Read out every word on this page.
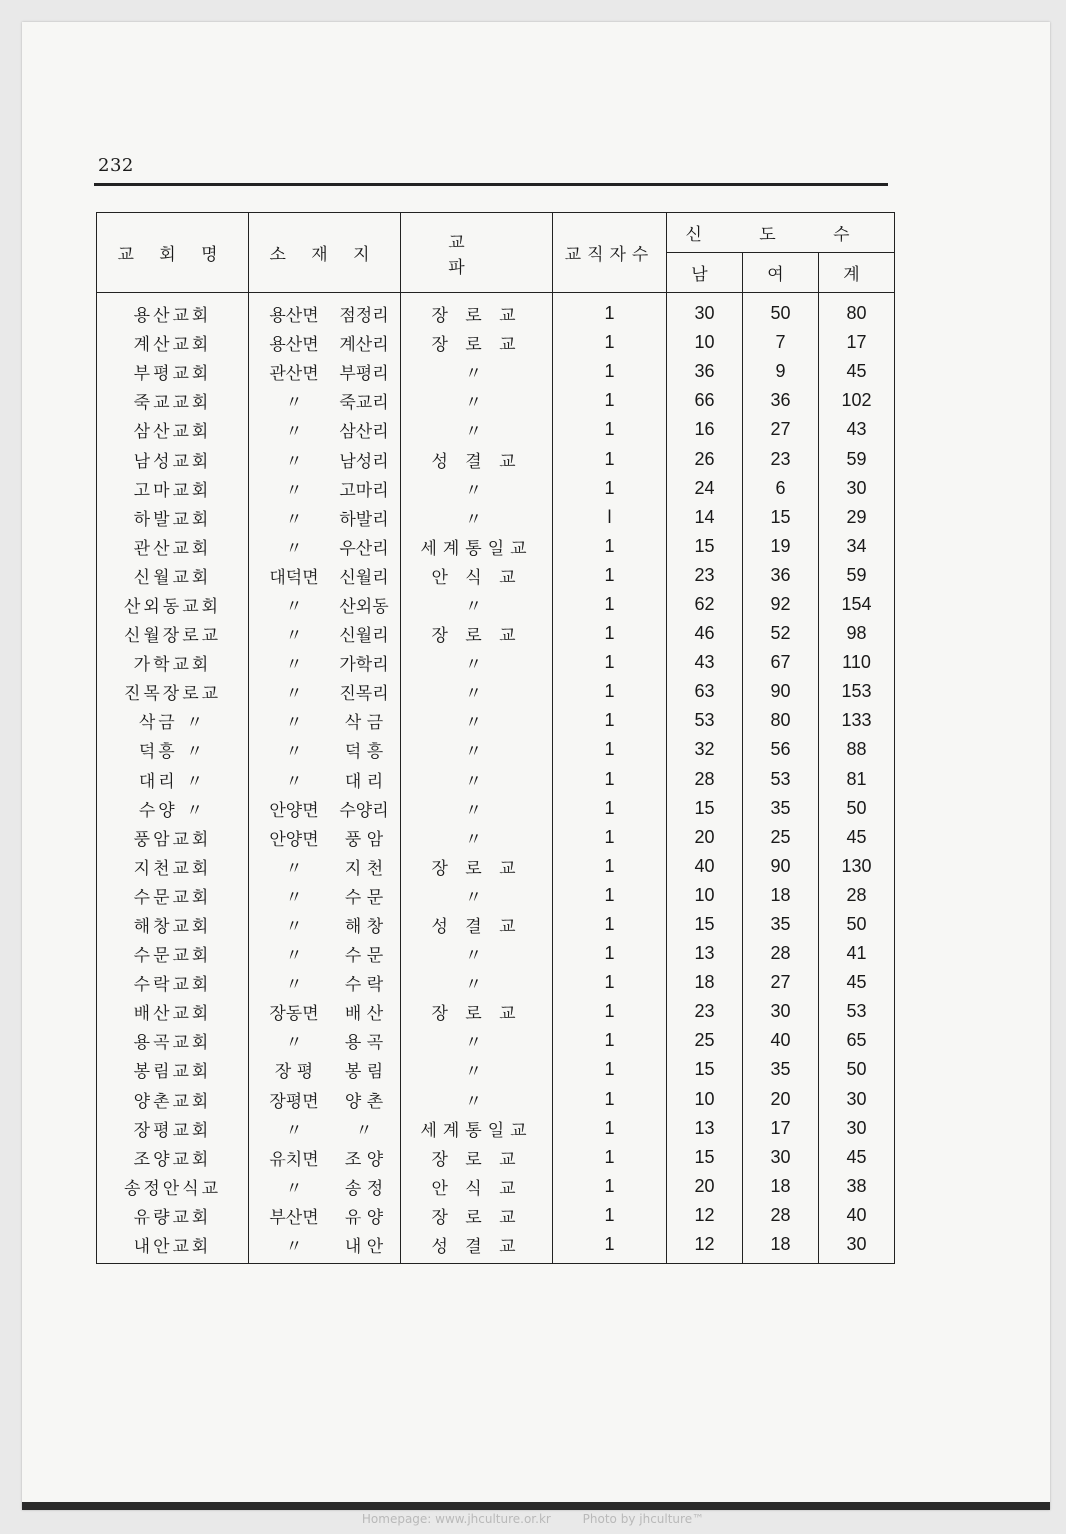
232
교 회 명	소 재 지	교 파	교직자수	신 도 수		
				남	여	계
용산교회	용산면 점정리	장 로 교	1	30	50	80
계산교회	용산면 계산리	장 로 교	1	10	7	17
부평교회	관산면 부평리	〃	1	36	9	45
죽교교회	〃 죽교리	〃	1	66	36	102
삼산교회	〃 삼산리	〃	1	16	27	43
남성교회	〃 남성리	성 결 교	1	26	23	59
고마교회	〃 고마리	〃	1	24	6	30
하발교회	〃 하발리	〃	l	14	15	29
관산교회	〃 우산리	세계통일교	1	15	19	34
신월교회	대덕면 신월리	안 식 교	1	23	36	59
산외동교회	〃 산외동	〃	1	62	92	154
신월장로교	〃 신월리	장 로 교	1	46	52	98
가학교회	〃 가학리	〃	1	43	67	110
진목장로교	〃 진목리	〃	1	63	90	153
삭금 〃	〃 삭 금	〃	1	53	80	133
덕흥 〃	〃 덕 흥	〃	1	32	56	88
대리 〃	〃 대 리	〃	1	28	53	81
수양 〃	안양면 수양리	〃	1	15	35	50
풍암교회	안양면 풍 암	〃	1	20	25	45
지천교회	〃 지 천	장 로 교	1	40	90	130
수문교회	〃 수 문	〃	1	10	18	28
해창교회	〃 해 창	성 결 교	1	15	35	50
수문교회	〃 수 문	〃	1	13	28	41
수락교회	〃 수 락	〃	1	18	27	45
배산교회	장동면 배 산	장 로 교	1	23	30	53
용곡교회	〃 용 곡	〃	1	25	40	65
봉림교회	장 평 봉 림	〃	1	15	35	50
양촌교회	장평면 양 촌	〃	1	10	20	30
장평교회	〃 〃	세계통일교	1	13	17	30
조양교회	유치면 조 양	장 로 교	1	15	30	45
송정안식교	〃 송 정	안 식 교	1	20	18	38
유량교회	부산면 유 양	장 로 교	1	12	28	40
내안교회	〃 내 안	성 결 교	1	12	18	30
Homepage: www.jhculture.or.kr	Photo by jhculture™
